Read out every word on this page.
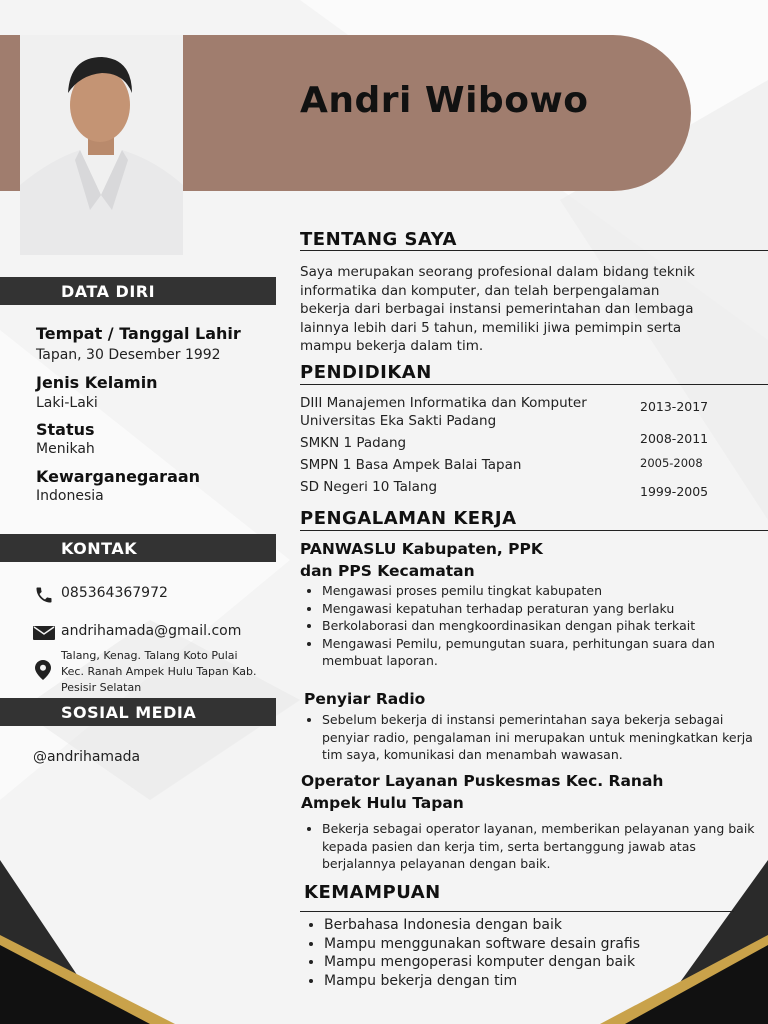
Andri Wibowo
DATA DIRI
Tempat / Tanggal Lahir
Tapan, 30 Desember 1992
Jenis Kelamin
Laki-Laki
Status
Menikah
Kewarganegaraan
Indonesia
KONTAK
085364367972
andrihamada@gmail.com
Talang, Kenag. Talang Koto Pulai
Kec. Ranah Ampek Hulu Tapan Kab.
Pesisir Selatan
SOSIAL MEDIA
@andrihamada
TENTANG SAYA
Saya merupakan seorang profesional dalam bidang teknik
informatika dan komputer, dan telah berpengalaman
bekerja dari berbagai instansi pemerintahan dan lembaga
lainnya lebih dari 5 tahun, memiliki jiwa pemimpin serta
mampu bekerja dalam tim.
PENDIDIKAN
DIII Manajemen Informatika dan Komputer
Universitas Eka Sakti Padang
2013-2017
SMKN 1 Padang	2008-2011
SMPN 1 Basa Ampek Balai Tapan	2005-2008
SD Negeri 10 Talang	1999-2005
PENGALAMAN KERJA
PANWASLU Kabupaten, PPK
dan PPS Kecamatan
• Mengawasi proses pemilu tingkat kabupaten
• Mengawasi kepatuhan terhadap peraturan yang berlaku
• Berkolaborasi dan mengkoordinasikan dengan pihak terkait
• Mengawasi Pemilu, pemungutan suara, perhitungan suara dan membuat laporan.
Penyiar Radio
• Sebelum bekerja di instansi pemerintahan saya bekerja sebagai penyiar radio, pengalaman ini merupakan untuk meningkatkan kerja tim saya, komunikasi dan menambah wawasan.
Operator Layanan Puskesmas Kec. Ranah
Ampek Hulu Tapan
• Bekerja sebagai operator layanan, memberikan pelayanan yang baik kepada pasien dan kerja tim, serta bertanggung jawab atas berjalannya pelayanan dengan baik.
KEMAMPUAN
• Berbahasa Indonesia dengan baik
• Mampu menggunakan software desain grafis
• Mampu mengoperasi komputer dengan baik
• Mampu bekerja dengan tim
